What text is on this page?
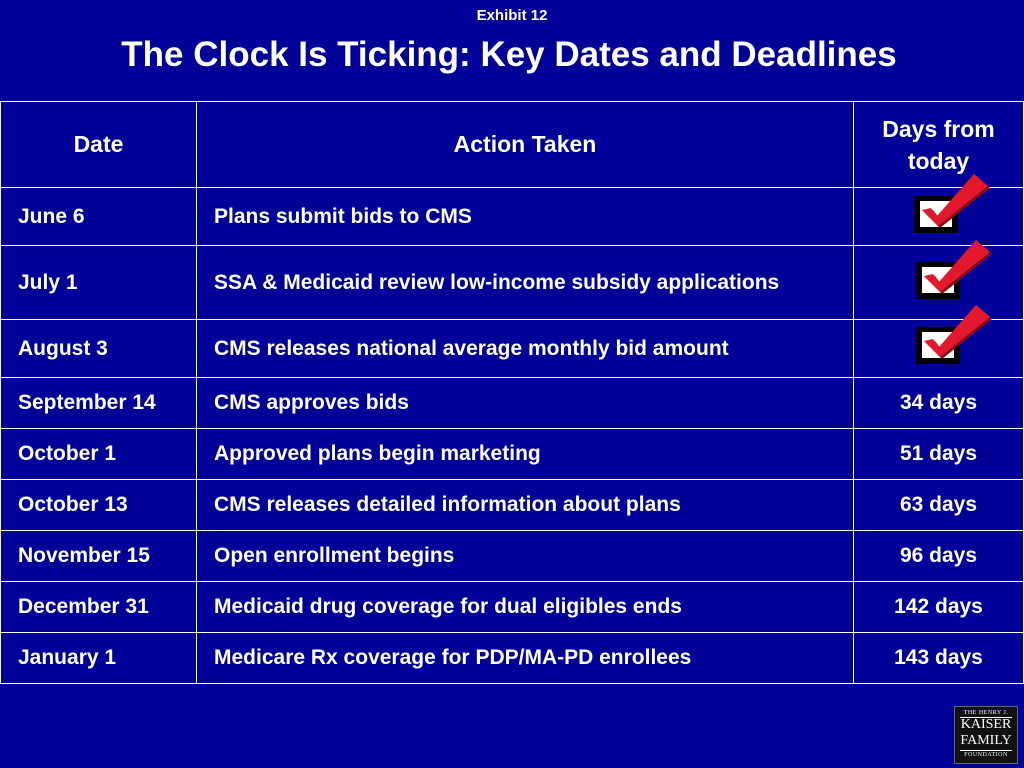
Exhibit 12
The Clock Is Ticking: Key Dates and Deadlines
Date	Action Taken	Days from today

June 6	Plans submit bids to CMS	
July 1	SSA & Medicaid review low-income subsidy applications	
August 3	CMS releases national average monthly bid amount	
September 14	CMS approves bids	34 days
October 1	Approved plans begin marketing	51 days
October 13	CMS releases detailed information about plans	63 days
November 15	Open enrollment begins	96 days
December 31	Medicaid drug coverage for dual eligibles ends	142 days
January 1	Medicare Rx coverage for PDP/MA-PD enrollees	143 days
THE HENRY J.
KAISER
FAMILY
FOUNDATION
